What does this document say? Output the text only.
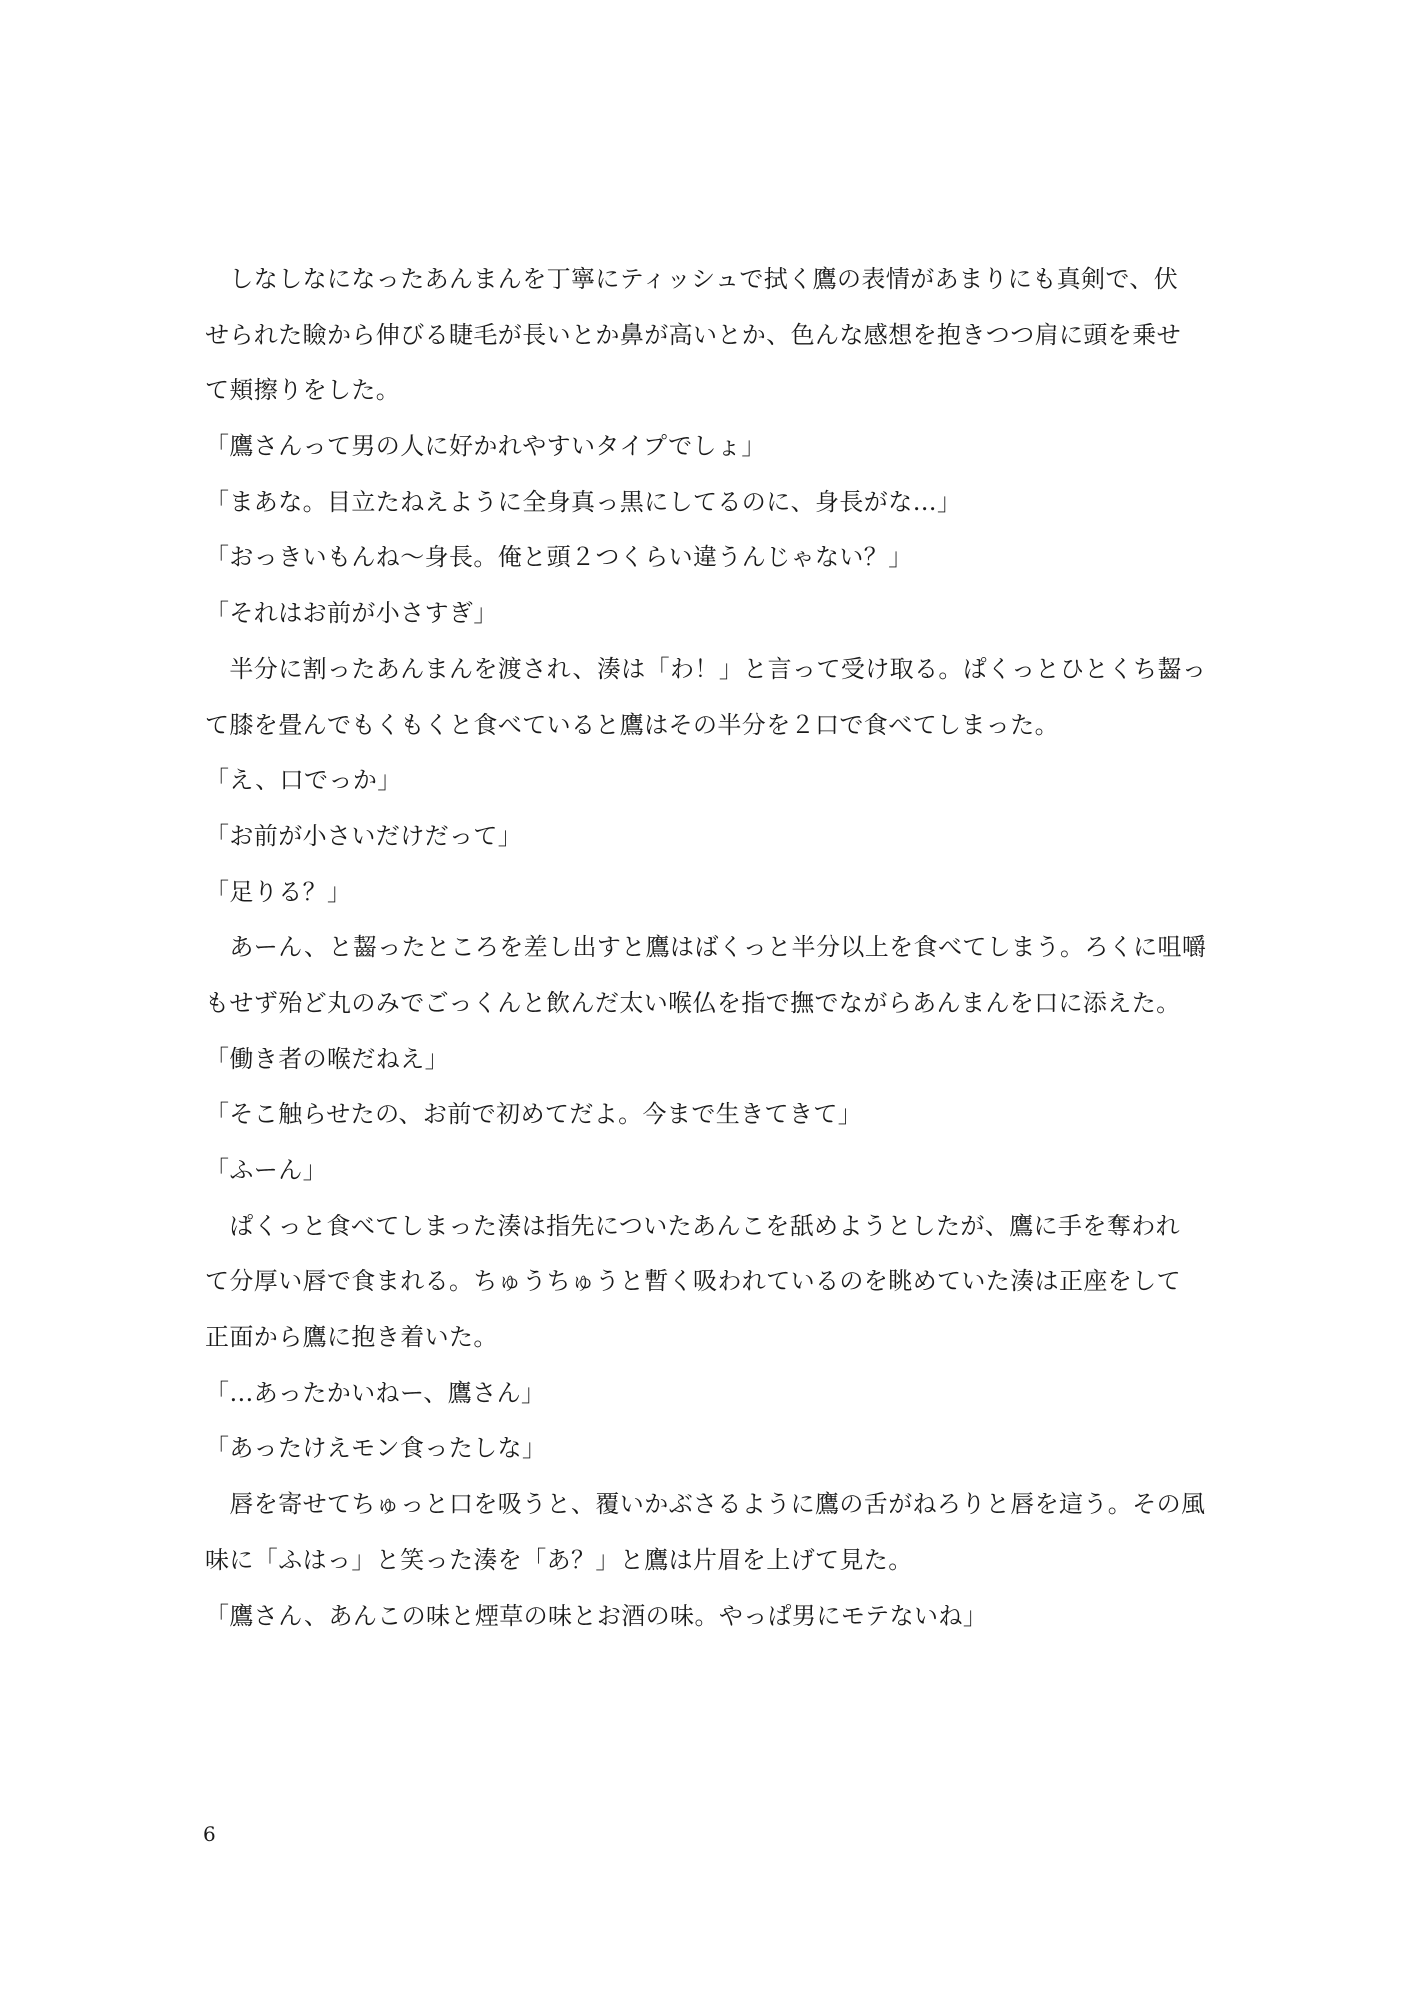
　しなしなになったあんまんを丁寧にティッシュで拭く鷹の表情があまりにも真剣で、伏
せられた瞼から伸びる睫毛が長いとか鼻が高いとか、色んな感想を抱きつつ肩に頭を乗せ
て頬擦りをした。
「鷹さんって男の人に好かれやすいタイプでしょ」
「まあな。目立たねえように全身真っ黒にしてるのに、身長がな…」
「おっきいもんね～身長。俺と頭２つくらい違うんじゃない？」
「それはお前が小さすぎ」
　半分に割ったあんまんを渡され、湊は「わ！」と言って受け取る。ぱくっとひとくち齧っ
て膝を畳んでもくもくと食べていると鷹はその半分を２口で食べてしまった。
「え、口でっか」
「お前が小さいだけだって」
「足りる？」
　あーん、と齧ったところを差し出すと鷹はばくっと半分以上を食べてしまう。ろくに咀嚼
もせず殆ど丸のみでごっくんと飲んだ太い喉仏を指で撫でながらあんまんを口に添えた。
「働き者の喉だねえ」
「そこ触らせたの、お前で初めてだよ。今まで生きてきて」
「ふーん」
　ぱくっと食べてしまった湊は指先についたあんこを舐めようとしたが、鷹に手を奪われ
て分厚い唇で食まれる。ちゅうちゅうと暫く吸われているのを眺めていた湊は正座をして
正面から鷹に抱き着いた。
「…あったかいねー、鷹さん」
「あったけえモン食ったしな」
　唇を寄せてちゅっと口を吸うと、覆いかぶさるように鷹の舌がねろりと唇を這う。その風
味に「ふはっ」と笑った湊を「あ？」と鷹は片眉を上げて見た。
「鷹さん、あんこの味と煙草の味とお酒の味。やっぱ男にモテないね」
6
